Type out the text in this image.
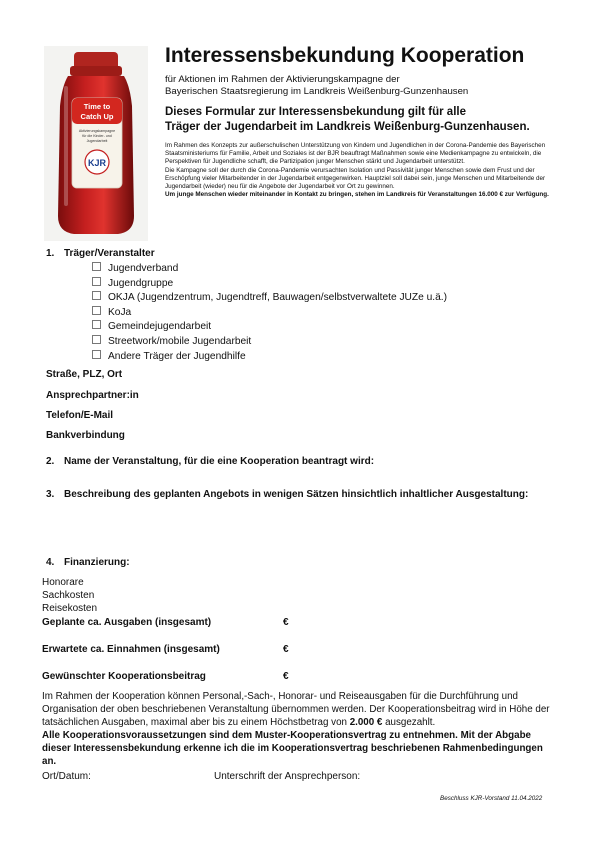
Time to
Catch Up
Aktivierungskampagne
für die Kinder- und
Jugendarbeit
KJR
Interessensbekundung Kooperation
für Aktionen im Rahmen der Aktivierungskampagne der
Bayerischen Staatsregierung im Landkreis Weißenburg-Gunzenhausen
Dieses Formular zur Interessensbekundung gilt für alle
Träger der Jugendarbeit im Landkreis Weißenburg-Gunzenhausen.

Im Rahmen des Konzepts zur außerschulischen Unterstützung von Kindern und Jugendlichen in der Corona-Pandemie des Bayerischen Staatsministeriums für Familie, Arbeit und Soziales ist der BJR beauftragt Maßnahmen sowie eine Medienkampagne zu entwickeln, die Perspektiven für Jugendliche schafft, die Partizipation junger Menschen stärkt und Jugendarbeit unterstützt.

Die Kampagne soll der durch die Corona-Pandemie verursachten Isolation und Passivität junger Menschen sowie dem Frust und der Erschöpfung vieler Mitarbeitender in der Jugendarbeit entgegenwirken. Hauptziel soll dabei sein, junge Menschen und Mitarbeitende der Jugendarbeit (wieder) neu für die Angebote der Jugendarbeit vor Ort zu gewinnen.

Um junge Menschen wieder miteinander in Kontakt zu bringen, stehen im Landkreis für Veranstaltungen 16.000 € zur Verfügung.

1. Träger/Veranstalter
Jugendverband
Jugendgruppe
OKJA (Jugendzentrum, Jugendtreff, Bauwagen/selbstverwaltete JUZe u.ä.)
KoJa
Gemeindejugendarbeit
Streetwork/mobile Jugendarbeit
Andere Träger der Jugendhilfe
Straße, PLZ, Ort
Ansprechpartner:in
Telefon/E-Mail
Bankverbindung
2. Name der Veranstaltung, für die eine Kooperation beantragt wird:
3. Beschreibung des geplanten Angebots in wenigen Sätzen hinsichtlich inhaltlicher Ausgestaltung:
4. Finanzierung:
Honorare
Sachkosten
Reisekosten
Geplante ca. Ausgaben (insgesamt)	€
Erwartete ca. Einnahmen (insgesamt)	€
Gewünschter Kooperationsbeitrag	€

Im Rahmen der Kooperation können Personal,-Sach-, Honorar- und Reiseausgaben für die Durchführung und Organisation der oben beschriebenen Veranstaltung übernommen werden. Der Kooperationsbeitrag wird in Höhe der tatsächlichen Ausgaben, maximal aber bis zu einem Höchstbetrag von 2.000 € ausgezahlt.

Alle Kooperationsvoraussetzungen sind dem Muster-Kooperationsvertrag zu entnehmen. Mit der Abgabe dieser Interessensbekundung erkenne ich die im Kooperationsvertrag beschriebenen Rahmenbedingungen an.

Ort/Datum:	Unterschrift der Ansprechperson:
Beschluss KJR-Vorstand 11.04.2022
